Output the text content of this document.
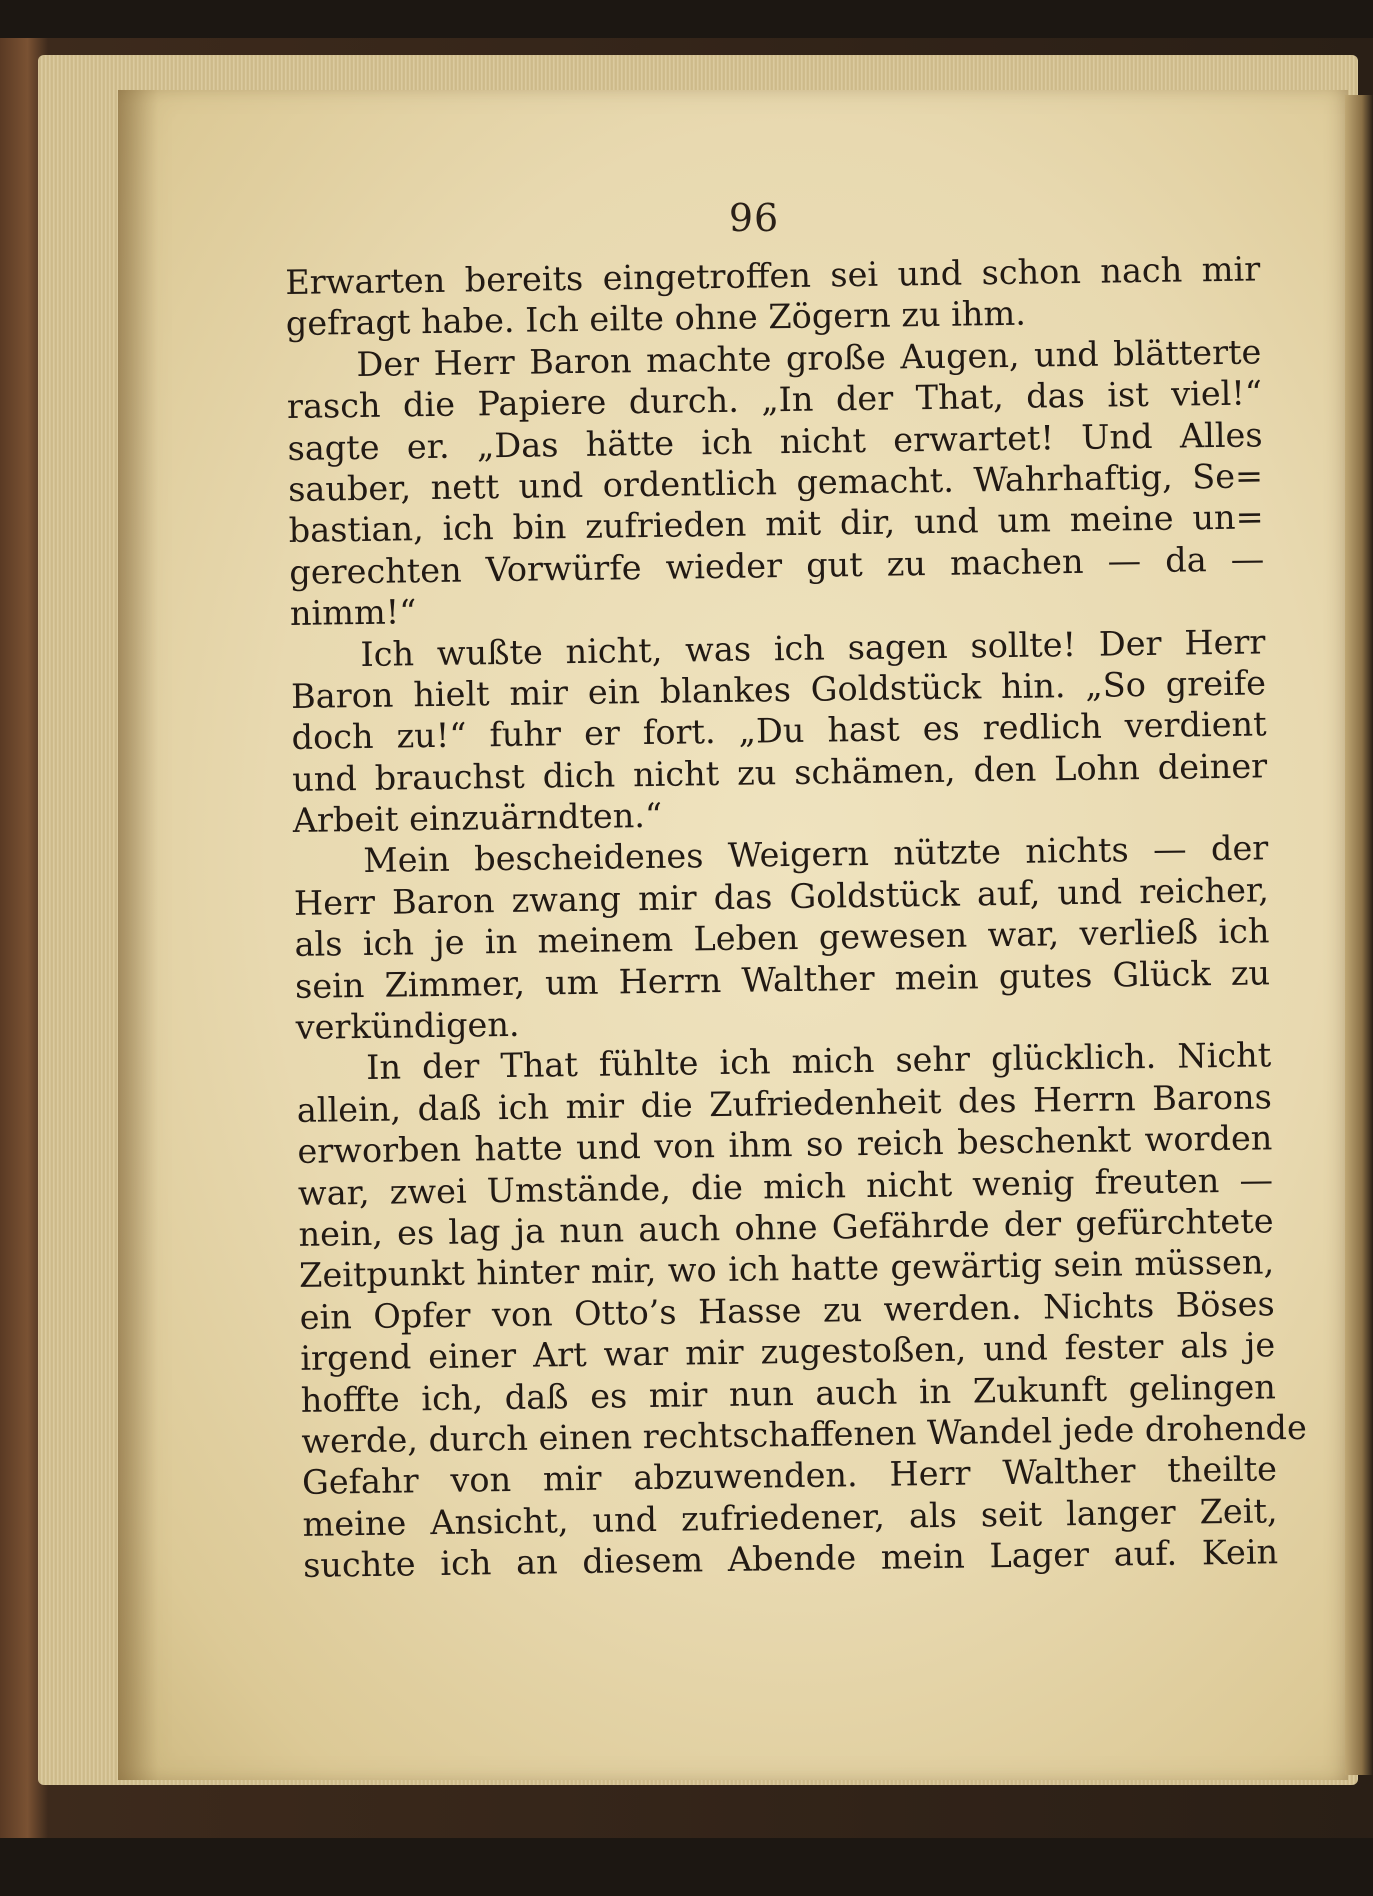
96
Erwarten bereits eingetroffen sei und schon nach mir
gefragt habe. Ich eilte ohne Zögern zu ihm.
Der Herr Baron machte große Augen, und blätterte
rasch die Papiere durch. „In der That, das ist viel!“
sagte er. „Das hätte ich nicht erwartet! Und Alles
sauber, nett und ordentlich gemacht. Wahrhaftig, Se=
bastian, ich bin zufrieden mit dir, und um meine un=
gerechten Vorwürfe wieder gut zu machen — da —
nimm!“
Ich wußte nicht, was ich sagen sollte! Der Herr
Baron hielt mir ein blankes Goldstück hin. „So greife
doch zu!“ fuhr er fort. „Du hast es redlich verdient
und brauchst dich nicht zu schämen, den Lohn deiner
Arbeit einzuärndten.“
Mein bescheidenes Weigern nützte nichts — der
Herr Baron zwang mir das Goldstück auf, und reicher,
als ich je in meinem Leben gewesen war, verließ ich
sein Zimmer, um Herrn Walther mein gutes Glück zu
verkündigen.
In der That fühlte ich mich sehr glücklich. Nicht
allein, daß ich mir die Zufriedenheit des Herrn Barons
erworben hatte und von ihm so reich beschenkt worden
war, zwei Umstände, die mich nicht wenig freuten —
nein, es lag ja nun auch ohne Gefährde der gefürchtete
Zeitpunkt hinter mir, wo ich hatte gewärtig sein müssen,
ein Opfer von Otto’s Hasse zu werden. Nichts Böses
irgend einer Art war mir zugestoßen, und fester als je
hoffte ich, daß es mir nun auch in Zukunft gelingen
werde, durch einen rechtschaffenen Wandel jede drohende
Gefahr von mir abzuwenden. Herr Walther theilte
meine Ansicht, und zufriedener, als seit langer Zeit,
suchte ich an diesem Abende mein Lager auf. Kein
